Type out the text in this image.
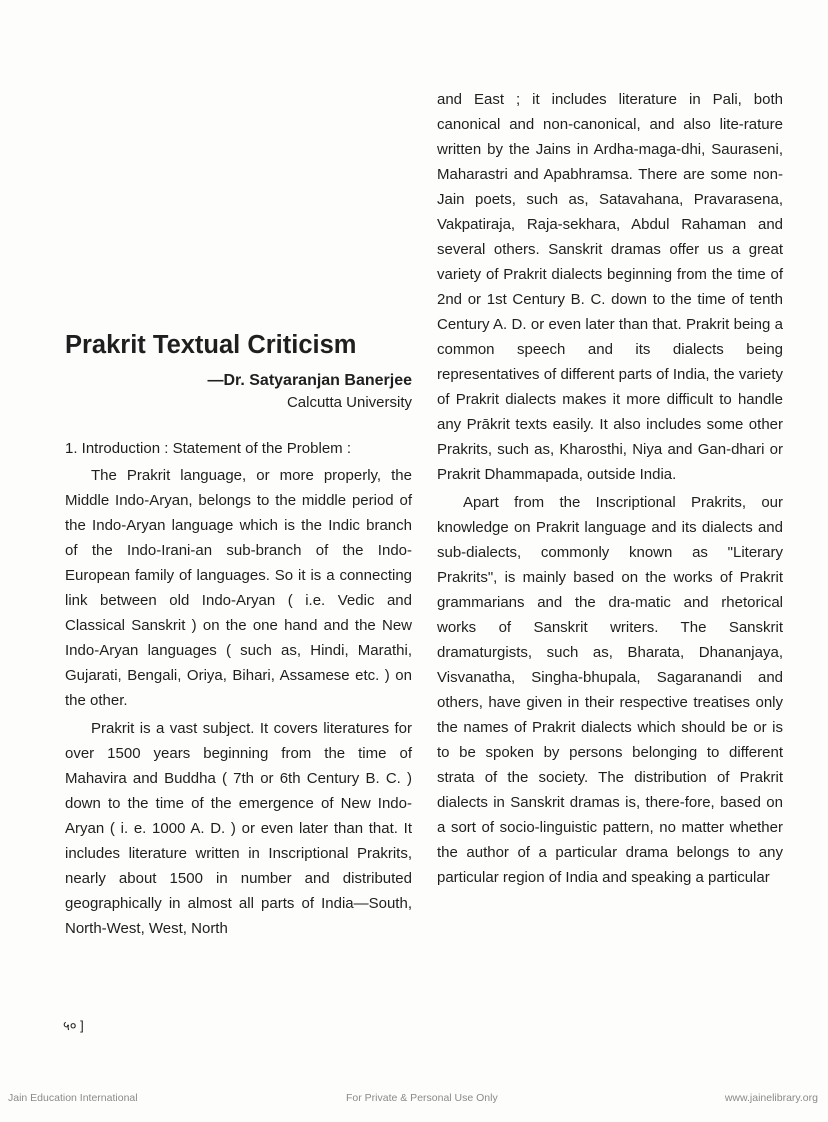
Prakrit Textual Criticism
—Dr. Satyaranjan Banerjee
Calcutta University

1. Introduction : Statement of the Problem :

The Prakrit language, or more properly, the Middle Indo-Aryan, belongs to the middle period of the Indo-Aryan language which is the Indic branch of the Indo-Irani-an sub-branch of the Indo-European family of languages. So it is a connecting link between old Indo-Aryan ( i.e. Vedic and Classical Sanskrit ) on the one hand and the New Indo-Aryan languages ( such as, Hindi, Marathi, Gujarati, Bengali, Oriya, Bihari, Assamese etc. ) on the other.

Prakrit is a vast subject. It covers literatures for over 1500 years beginning from the time of Mahavira and Buddha ( 7th or 6th Century B. C. ) down to the time of the emergence of New Indo-Aryan ( i. e. 1000 A. D. ) or even later than that. It includes literature written in Inscriptional Prakrits, nearly about 1500 in number and distributed geographically in almost all parts of India—South, North-West, West, North

and East ; it includes literature in Pali, both canonical and non-canonical, and also lite-rature written by the Jains in Ardha-maga-dhi, Sauraseni, Maharastri and Apabhramsa. There are some non-Jain poets, such as, Satavahana, Pravarasena, Vakpatiraja, Raja-sekhara, Abdul Rahaman and several others. Sanskrit dramas offer us a great variety of Prakrit dialects beginning from the time of 2nd or 1st Century B. C. down to the time of tenth Century A. D. or even later than that. Prakrit being a common speech and its dialects being representatives of different parts of India, the variety of Prakrit dialects makes it more difficult to handle any Prākrit texts easily. It also includes some other Prakrits, such as, Kharosthi, Niya and Gan-dhari or Prakrit Dhammapada, outside India.

Apart from the Inscriptional Prakrits, our knowledge on Prakrit language and its dialects and sub-dialects, commonly known as "Literary Prakrits", is mainly based on the works of Prakrit grammarians and the dra-matic and rhetorical works of Sanskrit writers. The Sanskrit dramaturgists, such as, Bharata, Dhananjaya, Visvanatha, Singha-bhupala, Sagaranandi and others, have given in their respective treatises only the names of Prakrit dialects which should be or is to be spoken by persons belonging to different strata of the society. The distribution of Prakrit dialects in Sanskrit dramas is, there-fore, based on a sort of socio-linguistic pattern, no matter whether the author of a particular drama belongs to any particular region of India and speaking a particular

५० ]
Jain Education International	For Private & Personal Use Only	www.jainelibrary.org
